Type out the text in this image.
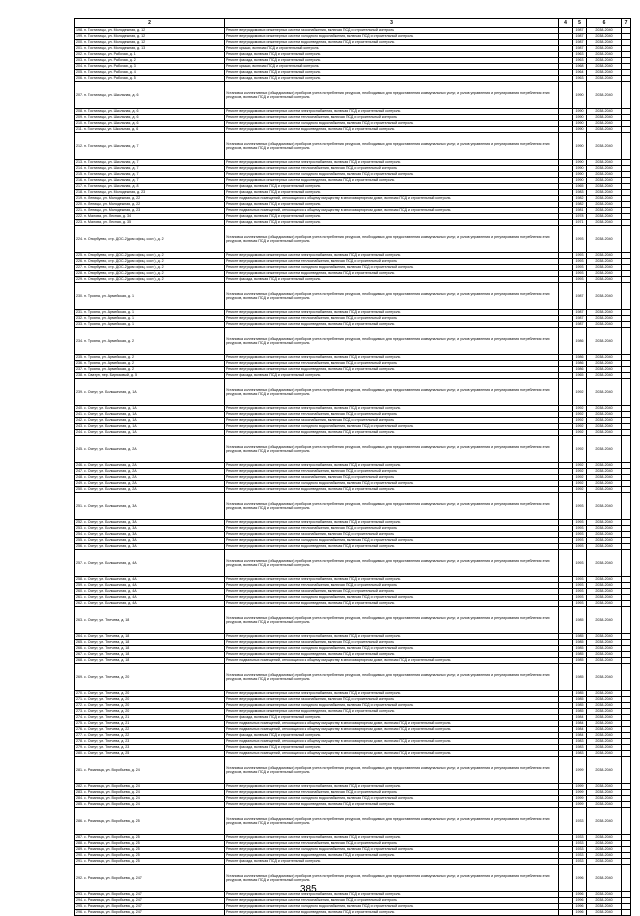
2	3	4	5	6	7
198. п. Гостилицы, ул. Молодежная, д. 12	Ремонт внутридомовых инженерных систем газоснабжения, включая ПСД и строительный контроль		1987	2038-2040	
199. п. Гостилицы, ул. Молодежная, д. 12	Ремонт внутридомовых инженерных систем холодного водоснабжения, включая ПСД и строительный контроль		1987	2038-2040	
200. п. Гостилицы, ул. Молодежная, д. 12	Ремонт внутридомовых инженерных систем водоотведения, включая ПСД и строительный контроль		1987	2038-2040	
201. п. Гостилицы, ул. Молодежная, д. 13	Ремонт крыши, включая ПСД и строительный контроль		1987	2038-2040	
202. п. Гостилицы, ул. Рабочая, д. 1	Ремонт фасада, включая ПСД и строительный контроль		1963	2038-2040	
203. п. Гостилицы, ул. Рабочая, д. 2	Ремонт фасада, включая ПСД и строительный контроль		1963	2038-2040	
204. п. Гостилицы, ул. Рабочая, д. 3	Ремонт крыши, включая ПСД и строительный контроль		1968	2038-2040	
205. п. Гостилицы, ул. Рабочая, д. 4	Ремонт фасада, включая ПСД и строительный контроль		1964	2038-2040	
206. п. Гостилицы, ул. Рабочая, д. 5	Ремонт фасада, включая ПСД и строительный контроль		1963	2038-2040	
207. п. Гостилицы, ул. Школьная, д. 6	Установка коллективных (общедомовых) приборов учета потребления ресурсов, необходимых для предоставления коммунальных услуг, и узлов управления и регулирования потребления этих ресурсов, включая ПСД и строительный контроль		1990	2038-2040	
208. п. Гостилицы, ул. Школьная, д. 6	Ремонт внутридомовых инженерных систем электроснабжения, включая ПСД и строительный контроль		1990	2038-2040	
209. п. Гостилицы, ул. Школьная, д. 6	Ремонт внутридомовых инженерных систем теплоснабжения, включая ПСД и строительный контроль		1990	2038-2040	
210. п. Гостилицы, ул. Школьная, д. 6	Ремонт внутридомовых инженерных систем холодного водоснабжения, включая ПСД и строительный контроль		1990	2038-2040	
211. п. Гостилицы, ул. Школьная, д. 6	Ремонт внутридомовых инженерных систем водоотведения, включая ПСД и строительный контроль		1990	2038-2040	
212. п. Гостилицы, ул. Школьная, д. 7	Установка коллективных (общедомовых) приборов учета потребления ресурсов, необходимых для предоставления коммунальных услуг, и узлов управления и регулирования потребления этих ресурсов, включая ПСД и строительный контроль		1990	2038-2040	
213. п. Гостилицы, ул. Школьная, д. 7	Ремонт внутридомовых инженерных систем электроснабжения, включая ПСД и строительный контроль		1990	2038-2040	
214. п. Гостилицы, ул. Школьная, д. 7	Ремонт внутридомовых инженерных систем теплоснабжения, включая ПСД и строительный контроль		1990	2038-2040	
215. п. Гостилицы, ул. Школьная, д. 7	Ремонт внутридомовых инженерных систем холодного водоснабжения, включая ПСД и строительный контроль		1990	2038-2040	
216. п. Гостилицы, ул. Школьная, д. 7	Ремонт внутридомовых инженерных систем водоотведения, включая ПСД и строительный контроль		1990	2038-2040	
217. п. Гостилицы, ул. Школьная, д. 8	Ремонт фасада, включая ПСД и строительный контроль		1965	2038-2040	
218. п. Гостилицы, ул. Молодежная, д. 23	Ремонт фасада, включая ПСД и строительный контроль		1983	2038-2040	
219. п. Лепицы, ул. Молодежная, д. 22	Ремонт подвальных помещений, относящихся к общему имуществу в многоквартирном доме, включая ПСД и строительный контроль		1982	2038-2040	
220. п. Лепицы, ул. Молодежная, д. 22	Ремонт фасада, включая ПСД и строительный контроль		1982	2038-2040	
221. п. Лепицы, ул. Молодежная, д. 23	Ремонт подвальных помещений, относящихся к общему имуществу в многоквартирном доме, включая ПСД и строительный контроль		1981	2038-2040	
222. п. Малова, ул. Лесная, д. 34	Ремонт фасада, включая ПСД и строительный контроль		1978	2038-2040	
223. п. Малова, ул. Лесная, д. 35	Ремонт фасада, включая ПСД и строительный контроль		1971	2038-2040	
224. п. Опорбуево, стр. ДОС-2(дом офиц. сост.), д. 2	Установка коллективных (общедомовых) приборов учета потребления ресурсов, необходимых для предоставления коммунальных услуг, и узлов управления и регулирования потребления этих ресурсов, включая ПСД и строительный контроль		1993	2038-2040	
225. п. Опорбуево, стр. ДОС-2(дом офиц. сост.), д. 2	Ремонт внутридомовых инженерных систем электроснабжения, включая ПСД и строительный контроль		1993	2038-2040	
226. п. Опорбуево, стр. ДОС-2(дом офиц. сост.), д. 2	Ремонт внутридомовых инженерных систем теплоснабжения, включая ПСД и строительный контроль		1993	2038-2040	
227. п. Опорбуево, стр. ДОС-2(дом офиц. сост.), д. 2	Ремонт внутридомовых инженерных систем холодного водоснабжения, включая ПСД и строительный контроль		1993	2038-2040	
228. п. Опорбуево, стр. ДОС-2(дом офиц. сост.), д. 2	Ремонт внутридомовых инженерных систем водоотведения, включая ПСД и строительный контроль		1993	2038-2040	
229. п. Опорбуево, стр. ДОС-2(дом офиц. сост.), д. 2	Ремонт фасада, включая ПСД и строительный контроль		1993	2038-2040	
230. п. Трояна, ул. Армейская, д. 1	Установка коллективных (общедомовых) приборов учета потребления ресурсов, необходимых для предоставления коммунальных услуг, и узлов управления и регулирования потребления этих ресурсов, включая ПСД и строительный контроль		1987	2038-2040	
231. п. Трояна, ул. Армейская, д. 1	Ремонт внутридомовых инженерных систем электроснабжения, включая ПСД и строительный контроль		1987	2038-2040	
232. п. Трояна, ул. Армейская, д. 1	Ремонт внутридомовых инженерных систем теплоснабжения, включая ПСД и строительный контроль		1987	2038-2040	
233. п. Трояна, ул. Армейская, д. 1	Ремонт внутридомовых инженерных систем водоотведения, включая ПСД и строительный контроль		1987	2038-2040	
234. п. Трояна, ул. Армейская, д. 2	Установка коллективных (общедомовых) приборов учета потребления ресурсов, необходимых для предоставления коммунальных услуг, и узлов управления и регулирования потребления этих ресурсов, включая ПСД и строительный контроль		1986	2038-2040	
235. п. Трояна, ул. Армейская, д. 2	Ремонт внутридомовых инженерных систем электроснабжения, включая ПСД и строительный контроль		1986	2038-2040	
236. п. Трояна, ул. Армейская, д. 2	Ремонт внутридомовых инженерных систем теплоснабжения, включая ПСД и строительный контроль		1986	2038-2040	
237. п. Трояна, ул. Армейская, д. 2	Ремонт внутридомовых инженерных систем водоотведения, включая ПСД и строительный контроль		1986	2038-2040	
238. п. Сватуп, пер. Бирюзовый, д. 5	Ремонт фасада, включая ПСД и строительный контроль		1965	2038-2040	
239. с. Оспут, ул. Большичная, д. 1А	Установка коллективных (общедомовых) приборов учета потребления ресурсов, необходимых для предоставления коммунальных услуг, и узлов управления и регулирования потребления этих ресурсов, включая ПСД и строительный контроль		1992	2038-2040	
240. с. Оспут, ул. Большичная, д. 1А	Ремонт внутридомовых инженерных систем электроснабжения, включая ПСД и строительный контроль		1992	2038-2040	
241. с. Оспут, ул. Большичная, д. 1А	Ремонт внутридомовых инженерных систем теплоснабжения, включая ПСД и строительный контроль		1992	2038-2040	
242. с. Оспут, ул. Большичная, д. 1А	Ремонт внутридомовых инженерных систем газоснабжения, включая ПСД и строительный контроль		1992	2038-2040	
243. с. Оспут, ул. Большичная, д. 1А	Ремонт внутридомовых инженерных систем холодного водоснабжения, включая ПСД и строительный контроль		1992	2038-2040	
244. с. Оспут, ул. Большичная, д. 1А	Ремонт внутридомовых инженерных систем водоотведения, включая ПСД и строительный контроль		1992	2038-2040	
245. с. Оспут, ул. Большичная, д. 2А	Установка коллективных (общедомовых) приборов учета потребления ресурсов, необходимых для предоставления коммунальных услуг, и узлов управления и регулирования потребления этих ресурсов, включая ПСД и строительный контроль		1992	2038-2040	
246. с. Оспут, ул. Большичная, д. 2А	Ремонт внутридомовых инженерных систем электроснабжения, включая ПСД и строительный контроль		1992	2038-2040	
247. с. Оспут, ул. Большичная, д. 2А	Ремонт внутридомовых инженерных систем теплоснабжения, включая ПСД и строительный контроль		1992	2038-2040	
248. с. Оспут, ул. Большичная, д. 2А	Ремонт внутридомовых инженерных систем газоснабжения, включая ПСД и строительный контроль		1992	2038-2040	
249. с. Оспут, ул. Большичная, д. 2А	Ремонт внутридомовых инженерных систем холодного водоснабжения, включая ПСД и строительный контроль		1992	2038-2040	
250. с. Оспут, ул. Большичная, д. 2А	Ремонт внутридомовых инженерных систем водоотведения, включая ПСД и строительный контроль		1992	2038-2040	
251. с. Оспут, ул. Большичная, д. 3А	Установка коллективных (общедомовых) приборов учета потребления ресурсов, необходимых для предоставления коммунальных услуг, и узлов управления и регулирования потребления этих ресурсов, включая ПСД и строительный контроль		1993	2038-2040	
252. с. Оспут, ул. Большичная, д. 3А	Ремонт внутридомовых инженерных систем электроснабжения, включая ПСД и строительный контроль		1993	2038-2040	
253. с. Оспут, ул. Большичная, д. 3А	Ремонт внутридомовых инженерных систем теплоснабжения, включая ПСД и строительный контроль		1993	2038-2040	
254. с. Оспут, ул. Большичная, д. 3А	Ремонт внутридомовых инженерных систем газоснабжения, включая ПСД и строительный контроль		1993	2038-2040	
255. с. Оспут, ул. Большичная, д. 3А	Ремонт внутридомовых инженерных систем холодного водоснабжения, включая ПСД и строительный контроль		1993	2038-2040	
256. с. Оспут, ул. Большичная, д. 3А	Ремонт внутридомовых инженерных систем водоотведения, включая ПСД и строительный контроль		1993	2038-2040	
257. с. Оспут, ул. Большичная, д. 4А	Установка коллективных (общедомовых) приборов учета потребления ресурсов, необходимых для предоставления коммунальных услуг, и узлов управления и регулирования потребления этих ресурсов, включая ПСД и строительный контроль		1993	2038-2040	
258. с. Оспут, ул. Большичная, д. 4А	Ремонт внутридомовых инженерных систем электроснабжения, включая ПСД и строительный контроль		1993	2038-2040	
259. с. Оспут, ул. Большичная, д. 4А	Ремонт внутридомовых инженерных систем теплоснабжения, включая ПСД и строительный контроль		1993	2038-2040	
260. с. Оспут, ул. Большичная, д. 4А	Ремонт внутридомовых инженерных систем газоснабжения, включая ПСД и строительный контроль		1993	2038-2040	
261. с. Оспут, ул. Большичная, д. 4А	Ремонт внутридомовых инженерных систем холодного водоснабжения, включая ПСД и строительный контроль		1993	2038-2040	
262. с. Оспут, ул. Большичная, д. 4А	Ремонт внутридомовых инженерных систем водоотведения, включая ПСД и строительный контроль		1993	2038-2040	
263. с. Оспут, ул. Тютчева, д. 18	Установка коллективных (общедомовых) приборов учета потребления ресурсов, необходимых для предоставления коммунальных услуг, и узлов управления и регулирования потребления этих ресурсов, включая ПСД и строительный контроль		1985	2038-2040	
264. с. Оспут, ул. Тютчева, д. 18	Ремонт внутридомовых инженерных систем электроснабжения, включая ПСД и строительный контроль		1985	2038-2040	
265. с. Оспут, ул. Тютчева, д. 18	Ремонт внутридомовых инженерных систем газоснабжения, включая ПСД и строительный контроль		1985	2038-2040	
266. с. Оспут, ул. Тютчева, д. 18	Ремонт внутридомовых инженерных систем холодного водоснабжения, включая ПСД и строительный контроль		1985	2038-2040	
267. с. Оспут, ул. Тютчева, д. 18	Ремонт внутридомовых инженерных систем водоотведения, включая ПСД и строительный контроль		1985	2038-2040	
268. с. Оспут, ул. Тютчева, д. 18	Ремонт подвальных помещений, относящихся к общему имуществу в многоквартирном доме, включая ПСД и строительный контроль		1985	2038-2040	
269. с. Оспут, ул. Тютчева, д. 20	Установка коллективных (общедомовых) приборов учета потребления ресурсов, необходимых для предоставления коммунальных услуг, и узлов управления и регулирования потребления этих ресурсов, включая ПСД и строительный контроль		1985	2038-2040	
270. с. Оспут, ул. Тютчева, д. 20	Ремонт внутридомовых инженерных систем электроснабжения, включая ПСД и строительный контроль		1985	2038-2040	
271. с. Оспут, ул. Тютчева, д. 20	Ремонт внутридомовых инженерных систем газоснабжения, включая ПСД и строительный контроль		1985	2038-2040	
272. с. Оспут, ул. Тютчева, д. 20	Ремонт внутридомовых инженерных систем холодного водоснабжения, включая ПСД и строительный контроль		1985	2038-2040	
273. с. Оспут, ул. Тютчева, д. 20	Ремонт внутридомовых инженерных систем водоотведения, включая ПСД и строительный контроль		1985	2038-2040	
274. с. Оспут, ул. Тютчева, д. 21	Ремонт фасада, включая ПСД и строительный контроль		1984	2038-2040	
275. с. Оспут, ул. Тютчева, д. 21	Ремонт подвальных помещений, относящихся к общему имуществу в многоквартирном доме, включая ПСД и строительный контроль		1984	2038-2040	
276. с. Оспут, ул. Тютчева, д. 22	Ремонт подвальных помещений, относящихся к общему имуществу в многоквартирном доме, включая ПСД и строительный контроль		1984	2038-2040	
277. с. Оспут, ул. Тютчева, д. 22	Ремонт фасада, включая ПСД и строительный контроль		1984	2038-2040	
278. с. Оспут, ул. Тютчева, д. 23	Ремонт подвальных помещений, относящихся к общему имуществу в многоквартирном доме, включая ПСД и строительный контроль		1983	2038-2040	
279. с. Оспут, ул. Тютчева, д. 23	Ремонт фасада, включая ПСД и строительный контроль		1983	2038-2040	
280. с. Оспут, ул. Тютчева, д. 25	Ремонт подвальных помещений, относящихся к общему имуществу в многоквартирном доме, включая ПСД и строительный контроль		1983	2038-2040	
281. с. Рязаница, ул. Воробьева, д. 24	Установка коллективных (общедомовых) приборов учета потребления ресурсов, необходимых для предоставления коммунальных услуг, и узлов управления и регулирования потребления этих ресурсов, включая ПСД и строительный контроль		1999	2038-2040	
282. с. Рязаница, ул. Воробьева, д. 24	Ремонт внутридомовых инженерных систем электроснабжения, включая ПСД и строительный контроль		1999	2038-2040	
283. с. Рязаница, ул. Воробьева, д. 24	Ремонт внутридомовых инженерных систем теплоснабжения, включая ПСД и строительный контроль		1999	2038-2040	
284. с. Рязаница, ул. Воробьева, д. 24	Ремонт внутридомовых инженерных систем холодного водоснабжения, включая ПСД и строительный контроль		1999	2038-2040	
285. с. Рязаница, ул. Воробьева, д. 24	Ремонт внутридомовых инженерных систем водоотведения, включая ПСД и строительный контроль		1999	2038-2040	
286. с. Рязаница, ул. Воробьева, д. 25	Установка коллективных (общедомовых) приборов учета потребления ресурсов, необходимых для предоставления коммунальных услуг, и узлов управления и регулирования потребления этих ресурсов, включая ПСД и строительный контроль		1933	2038-2040	
287. с. Рязаница, ул. Воробьева, д. 25	Ремонт внутридомовых инженерных систем электроснабжения, включая ПСД и строительный контроль		1933	2038-2040	
288. с. Рязаница, ул. Воробьева, д. 25	Ремонт внутридомовых инженерных систем теплоснабжения, включая ПСД и строительный контроль		1933	2038-2040	
289. с. Рязаница, ул. Воробьева, д. 25	Ремонт внутридомовых инженерных систем холодного водоснабжения, включая ПСД и строительный контроль		1933	2038-2040	
290. с. Рязаница, ул. Воробьева, д. 25	Ремонт внутридомовых инженерных систем водоотведения, включая ПСД и строительный контроль		1933	2038-2040	
291. с. Рязаница, ул. Воробьева, д. 25	Ремонт фасада, включая ПСД и строительный контроль		1933	2038-2040	
292. с. Рязаница, ул. Воробьева, д. 247	Установка коллективных (общедомовых) приборов учета потребления ресурсов, необходимых для предоставления коммунальных услуг, и узлов управления и регулирования потребления этих ресурсов, включая ПСД и строительный контроль		1996	2038-2040	
293. с. Рязаница, ул. Воробьева, д. 247	Ремонт внутридомовых инженерных систем электроснабжения, включая ПСД и строительный контроль		1996	2038-2040	
294. с. Рязаница, ул. Воробьева, д. 247	Ремонт внутридомовых инженерных систем теплоснабжения, включая ПСД и строительный контроль		1996	2038-2040	
295. с. Рязаница, ул. Воробьева, д. 247	Ремонт внутридомовых инженерных систем холодного водоснабжения, включая ПСД и строительный контроль		1996	2038-2040	
296. с. Рязаница, ул. Воробьева, д. 247	Ремонт внутридомовых инженерных систем водоотведения, включая ПСД и строительный контроль		1996	2038-2040	
385
